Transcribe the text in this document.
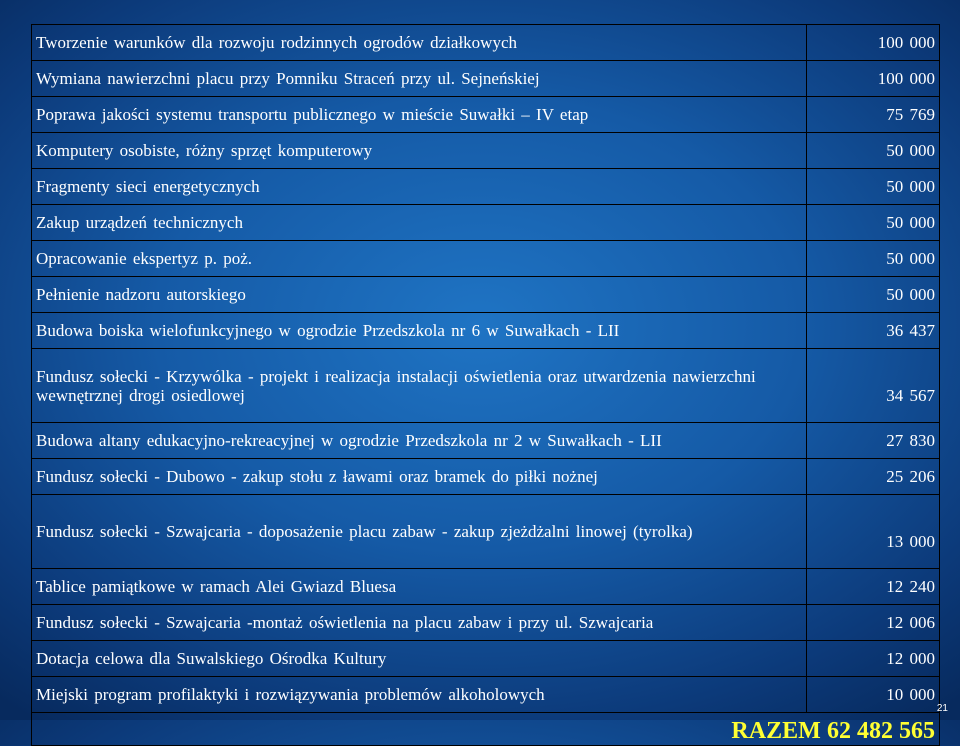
Tworzenie warunków dla rozwoju rodzinnych ogrodów działkowych	100 000
Wymiana nawierzchni placu przy Pomniku Straceń przy ul. Sejneńskiej	100 000
Poprawa jakości systemu transportu publicznego w mieście Suwałki – IV etap	75 769
Komputery osobiste, różny sprzęt komputerowy	50 000
Fragmenty sieci energetycznych	50 000
Zakup urządzeń technicznych	50 000
Opracowanie ekspertyz p. poż.	50 000
Pełnienie nadzoru autorskiego	50 000
Budowa boiska wielofunkcyjnego w ogrodzie Przedszkola nr 6 w Suwałkach - LII	36 437
Fundusz sołecki - Krzywólka - projekt i realizacja instalacji oświetlenia oraz utwardzenia nawierzchni wewnętrznej drogi osiedlowej	34 567
Budowa altany edukacyjno-rekreacyjnej w ogrodzie Przedszkola nr 2 w Suwałkach - LII	27 830
Fundusz sołecki - Dubowo - zakup stołu z ławami oraz bramek do piłki nożnej	25 206
Fundusz sołecki - Szwajcaria - doposażenie placu zabaw - zakup zjeżdżalni linowej (tyrolka)	13 000
Tablice pamiątkowe w ramach Alei Gwiazd Bluesa	12 240
Fundusz sołecki - Szwajcaria -montaż oświetlenia na placu zabaw i przy ul. Szwajcaria	12 006
Dotacja celowa dla Suwalskiego Ośrodka Kultury	12 000
Miejski program profilaktyki i rozwiązywania problemów alkoholowych	10 000
RAZEM 62 482 565	
21
